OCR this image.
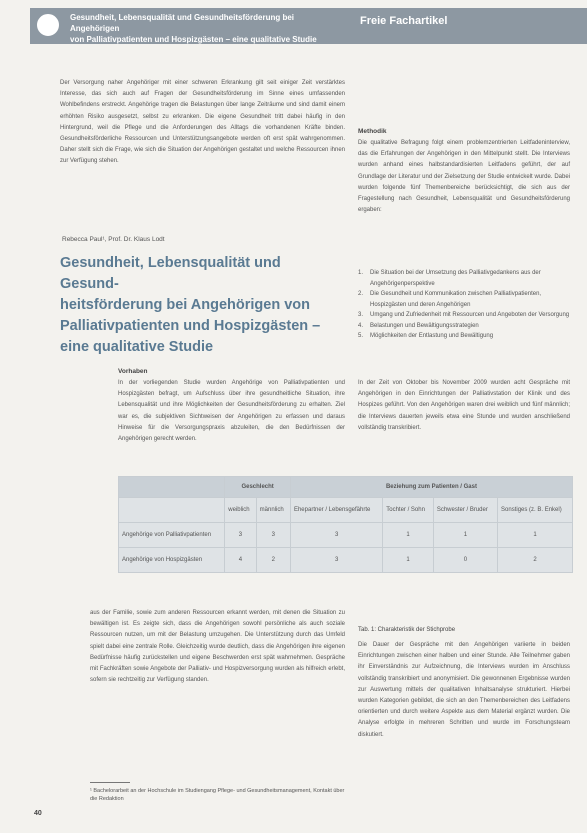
Gesundheit, Lebensqualität und Gesundheitsförderung bei Angehörigen
von Palliativpatienten und Hospizgästen – eine qualitative Studie
Freie Fachartikel

Der Versorgung naher Angehöriger mit einer schweren Erkrankung gilt seit einiger Zeit verstärktes Interesse, das sich auch auf Fragen der Gesundheitsförderung im Sinne eines umfassenden Wohlbefindens erstreckt. Angehörige tragen die Belastungen über lange Zeiträume und sind damit einem erhöhten Risiko ausgesetzt, selbst zu erkranken. Die eigene Gesundheit tritt dabei häufig in den Hintergrund, weil die Pflege und die Anforderungen des Alltags die vorhandenen Kräfte binden. Gesundheitsförderliche Ressourcen und Unterstützungsangebote werden oft erst spät wahrgenommen. Daher stellt sich die Frage, wie sich die Situation der Angehörigen gestaltet und welche Ressourcen ihnen zur Verfügung stehen.

Methodik

Die qualitative Befragung folgt einem problemzentrierten Leitfadeninterview, das die Erfahrungen der Angehörigen in den Mittelpunkt stellt. Die Interviews wurden anhand eines halbstandardisierten Leitfadens geführt, der auf Grundlage der Literatur und der Zielsetzung der Studie entwickelt wurde. Dabei wurden folgende fünf Themenbereiche berücksichtigt, die sich aus der Fragestellung nach Gesundheit, Lebensqualität und Gesundheitsförderung ergaben:

1. Die Situation bei der Umsetzung des Palliativgedankens aus der Angehörigenperspektive
2. Die Gesundheit und Kommunikation zwischen Palliativpatienten, Hospizgästen und deren Angehörigen
3. Umgang und Zufriedenheit mit Ressourcen und Angeboten der Versorgung
4. Belastungen und Bewältigungsstrategien
5. Möglichkeiten der Entlastung und Bewältigung

In der Zeit von Oktober bis November 2009 wurden acht Gespräche mit Angehörigen in den Einrichtungen der Palliativstation der Klinik und des Hospizes geführt. Von den Angehörigen waren drei weiblich und fünf männlich; die Interviews dauerten jeweils etwa eine Stunde und wurden anschließend vollständig transkribiert.

Rebecca Paul¹, Prof. Dr. Klaus Lodt
Gesundheit, Lebensqualität und Gesund-
heitsförderung bei Angehörigen von
Palliativpatienten und Hospizgästen –
eine qualitative Studie
Vorhaben

In der vorliegenden Studie wurden Angehörige von Palliativpatienten und Hospizgästen befragt, um Aufschluss über ihre gesundheitliche Situation, ihre Lebensqualität und ihre Möglichkeiten der Gesundheitsförderung zu erhalten. Ziel war es, die subjektiven Sichtweisen der Angehörigen zu erfassen und daraus Hinweise für die Versorgungspraxis abzuleiten, die den Bedürfnissen der Angehörigen gerecht werden.

	Geschlecht		Beziehung zum Patienten / Gast			
	weiblich	männlich	Ehepartner / Lebensgefährte	Tochter / Sohn	Schwester / Bruder	Sonstiges (z. B. Enkel)
Angehörige von Palliativpatienten	3	3	3	1	1	1
Angehörige von Hospizgästen	4	2	3	1	0	2

aus der Familie, sowie zum anderen Ressourcen erkannt werden, mit denen die Situation zu bewältigen ist. Es zeigte sich, dass die Angehörigen sowohl persönliche als auch soziale Ressourcen nutzen, um mit der Belastung umzugehen. Die Unterstützung durch das Umfeld spielt dabei eine zentrale Rolle. Gleichzeitig wurde deutlich, dass die Angehörigen ihre eigenen Bedürfnisse häufig zurückstellen und eigene Beschwerden erst spät wahrnehmen. Gespräche mit Fachkräften sowie Angebote der Palliativ- und Hospizversorgung wurden als hilfreich erlebt, sofern sie rechtzeitig zur Verfügung standen.

Tab. 1: Charakteristik der Stichprobe

Die Dauer der Gespräche mit den Angehörigen variierte in beiden Einrichtungen zwischen einer halben und einer Stunde. Alle Teilnehmer gaben ihr Einverständnis zur Aufzeichnung, die Interviews wurden im Anschluss vollständig transkribiert und anonymisiert. Die gewonnenen Ergebnisse wurden zur Auswertung mittels der qualitativen Inhaltsanalyse strukturiert. Hierbei wurden Kategorien gebildet, die sich an den Themenbereichen des Leitfadens orientierten und durch weitere Aspekte aus dem Material ergänzt wurden. Die Analyse erfolgte in mehreren Schritten und wurde im Forschungsteam diskutiert.

¹ Bachelorarbeit an der Hochschule im Studiengang Pflege- und Gesundheitsmanagement, Kontakt über die Redaktion
40
